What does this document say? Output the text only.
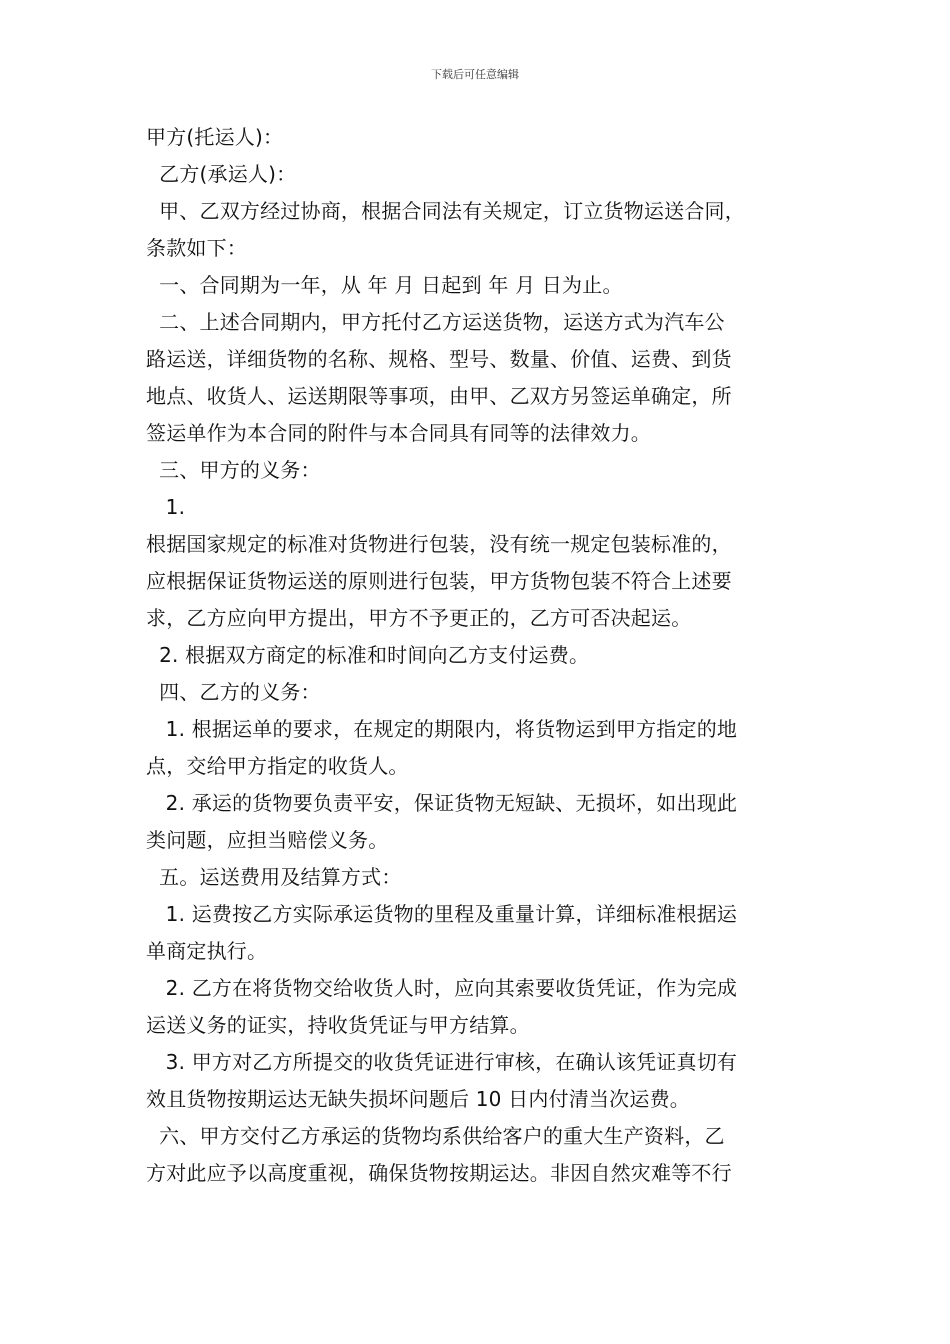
下载后可任意编辑
甲方(托运人)：
乙方(承运人)：
甲、乙双方经过协商，根据合同法有关规定，订立货物运送合同，
条款如下：
一、合同期为一年，从 年 月 日起到 年 月 日为止。
二、上述合同期内，甲方托付乙方运送货物，运送方式为汽车公
路运送，详细货物的名称、规格、型号、数量、价值、运费、到货
地点、收货人、运送期限等事项，由甲、乙双方另签运单确定，所
签运单作为本合同的附件与本合同具有同等的法律效力。
三、甲方的义务：
1.
根据国家规定的标准对货物进行包装，没有统一规定包装标准的，
应根据保证货物运送的原则进行包装，甲方货物包装不符合上述要
求，乙方应向甲方提出，甲方不予更正的，乙方可否决起运。
2. 根据双方商定的标准和时间向乙方支付运费。
四、乙方的义务：
1. 根据运单的要求，在规定的期限内，将货物运到甲方指定的地
点，交给甲方指定的收货人。
2. 承运的货物要负责平安，保证货物无短缺、无损坏，如出现此
类问题，应担当赔偿义务。
五。运送费用及结算方式：
1. 运费按乙方实际承运货物的里程及重量计算，详细标准根据运
单商定执行。
2. 乙方在将货物交给收货人时，应向其索要收货凭证，作为完成
运送义务的证实，持收货凭证与甲方结算。
3. 甲方对乙方所提交的收货凭证进行审核，在确认该凭证真切有
效且货物按期运达无缺失损坏问题后 10 日内付清当次运费。
六、甲方交付乙方承运的货物均系供给客户的重大生产资料，乙
方对此应予以高度重视，确保货物按期运达。非因自然灾难等不行
